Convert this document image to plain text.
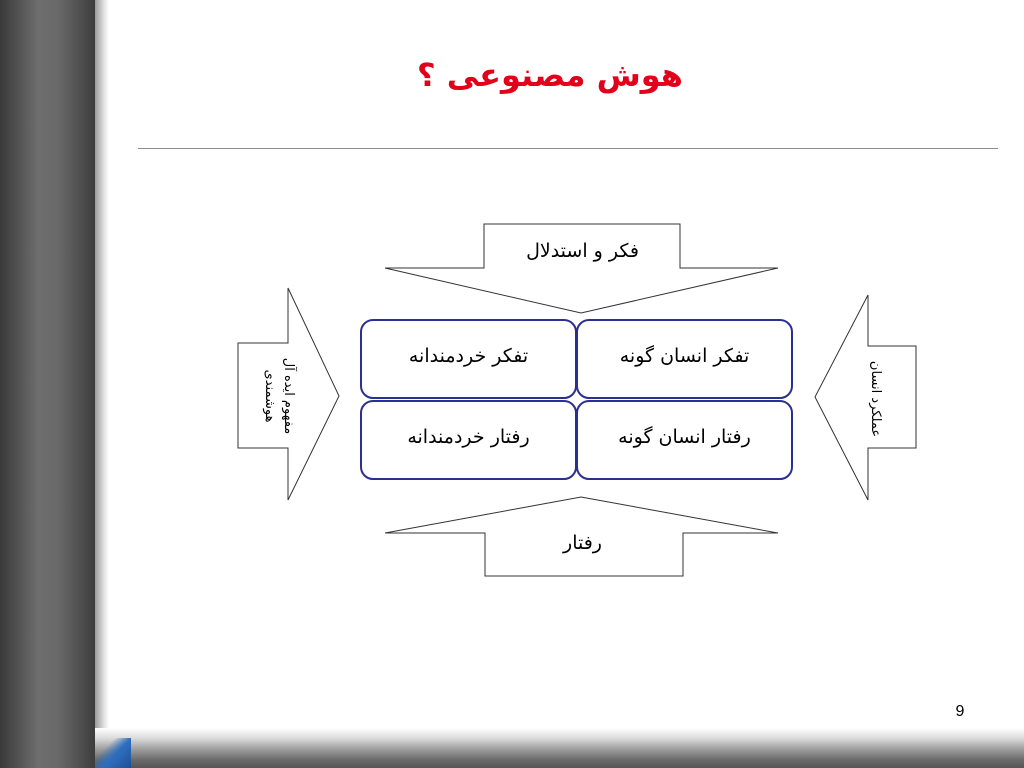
هوش مصنوعی ؟
فکر و استدلال
رفتار
تفکر انسان گونه
تفکر خردمندانه
رفتار انسان گونه
رفتار خردمندانه
مفهوم ایده آل
هوشمندی	عملکرد انسان
9
